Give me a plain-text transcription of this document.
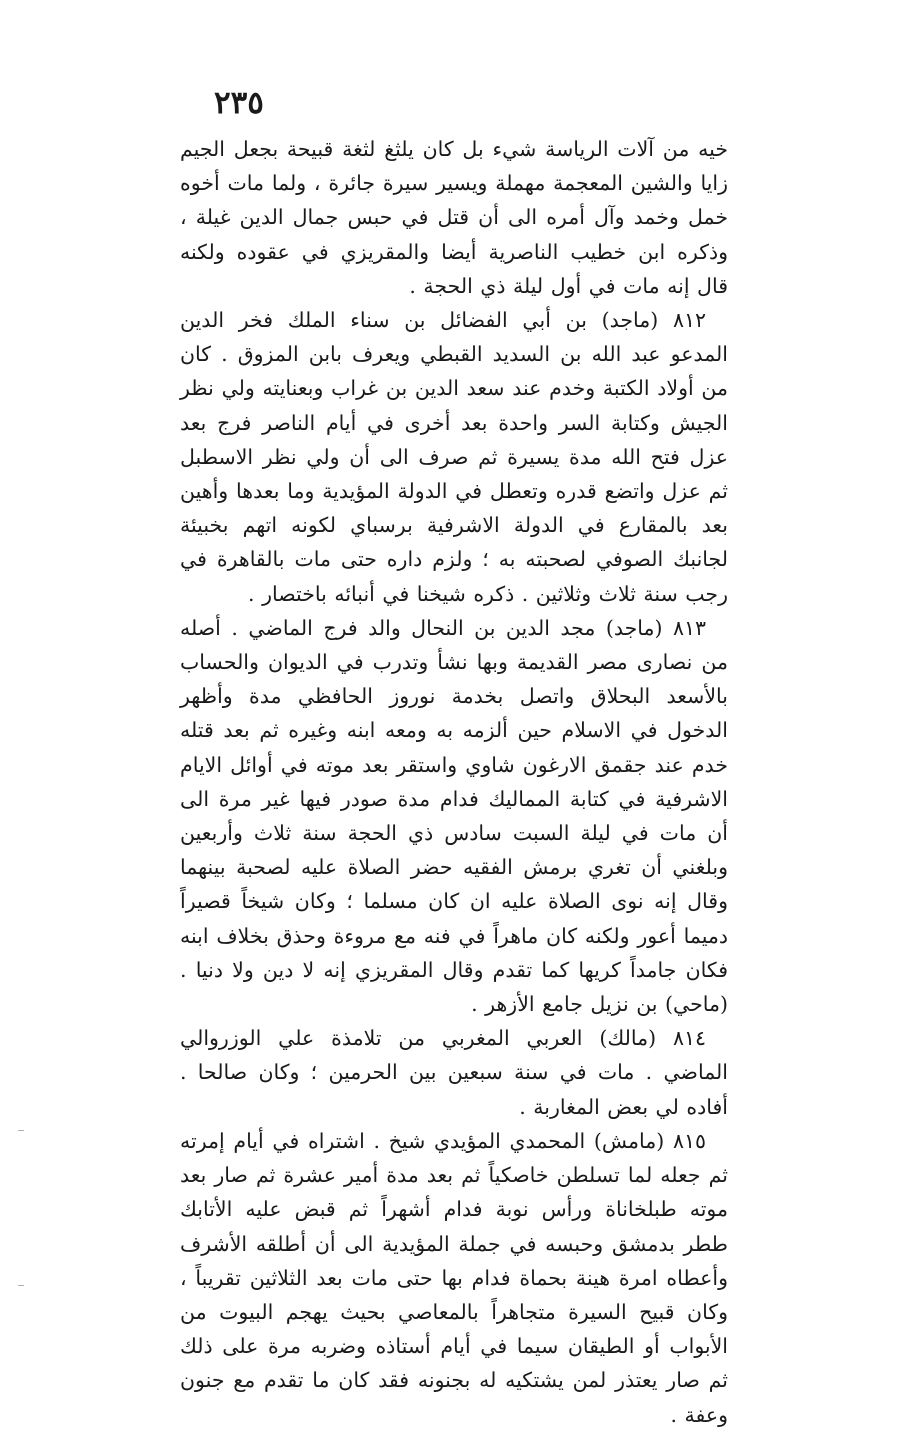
٢٣٥

خيه من آلات الرياسة شيء بل كان يلثغ لثغة قبيحة بجعل الجيم زايا والشين المعجمة مهملة ويسير سيرة جائرة ، ولما مات أخوه خمل وخمد وآل أمره الى أن قتل في حبس جمال الدين غيلة ، وذكره ابن خطيب الناصرية أيضا والمقريزي في عقوده ولكنه قال إنه مات في أول ليلة ذي الحجة .

٨١٢ (ماجد) بن أبي الفضائل بن سناء الملك فخر الدين المدعو عبد الله بن السديد القبطي ويعرف بابن المزوق . كان من أولاد الكتبة وخدم عند سعد الدين بن غراب وبعنايته ولي نظر الجيش وكتابة السر واحدة بعد أخرى في أيام الناصر فرج بعد عزل فتح الله مدة يسيرة ثم صرف الى أن ولي نظر الاسطبل ثم عزل واتضع قدره وتعطل في الدولة المؤيدية وما بعدها وأهين بعد بالمقارع في الدولة الاشرفية برسباي لكونه اتهم بخبيئة لجانبك الصوفي لصحبته به ؛ ولزم داره حتى مات بالقاهرة في رجب سنة ثلاث وثلاثين . ذكره شيخنا في أنبائه باختصار .

٨١٣ (ماجد) مجد الدين بن النحال والد فرج الماضي . أصله من نصارى مصر القديمة وبها نشأ وتدرب في الديوان والحساب بالأسعد البحلاق واتصل بخدمة نوروز الحافظي مدة وأظهر الدخول في الاسلام حين ألزمه به ومعه ابنه وغيره ثم بعد قتله خدم عند جقمق الارغون شاوي واستقر بعد موته في أوائل الايام الاشرفية في كتابة المماليك فدام مدة صودر فيها غير مرة الى أن مات في ليلة السبت سادس ذي الحجة سنة ثلاث وأربعين وبلغني أن تغري برمش الفقيه حضر الصلاة عليه لصحبة بينهما وقال إنه نوى الصلاة عليه ان كان مسلما ؛ وكان شيخاً قصيراً دميما أعور ولكنه كان ماهراً في فنه مع مروءة وحذق بخلاف ابنه فكان جامداً كريها كما تقدم وقال المقريزي إنه لا دين ولا دنيا . (ماحي) بن نزيل جامع الأزهر .

٨١٤ (مالك) العربي المغربي من تلامذة علي الوزروالي الماضي . مات في سنة سبعين بين الحرمين ؛ وكان صالحا . أفاده لي بعض المغاربة .

٨١٥ (مامش) المحمدي المؤيدي شيخ . اشتراه في أيام إمرته ثم جعله لما تسلطن خاصكياً ثم بعد مدة أمير عشرة ثم صار بعد موته طبلخاناة ورأس نوبة فدام أشهراً ثم قبض عليه الأتابك ططر بدمشق وحبسه في جملة المؤيدية الى أن أطلقه الأشرف وأعطاه امرة هينة بحماة فدام بها حتى مات بعد الثلاثين تقريباً ، وكان قبيح السيرة متجاهراً بالمعاصي بحيث يهجم البيوت من الأبواب أو الطيقان سيما في أيام أستاذه وضربه مرة على ذلك ثم صار يعتذر لمن يشتكيه له بجنونه فقد كان ما تقدم مع جنون وعفة .
